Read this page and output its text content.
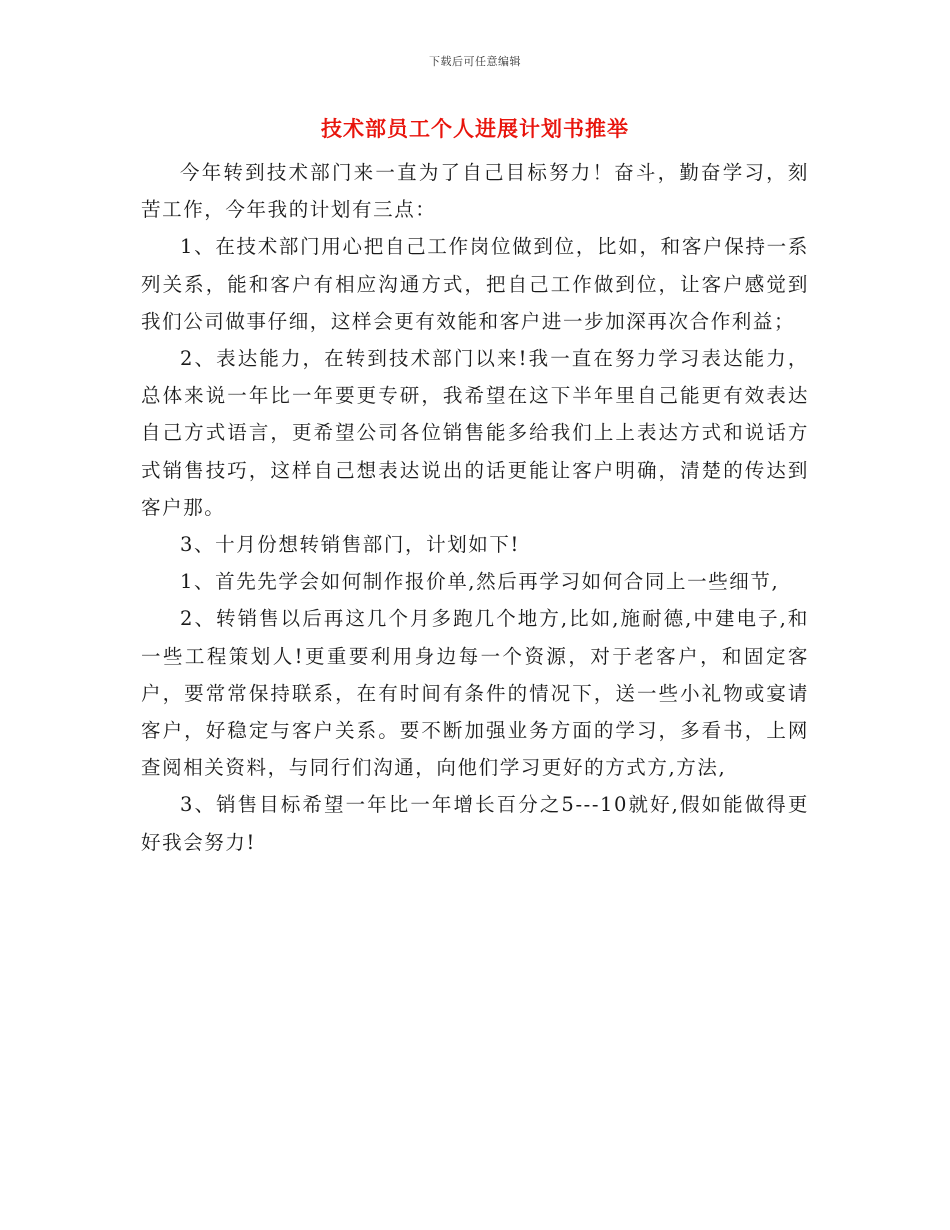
下载后可任意编辑
技术部员工个人进展计划书推举

今年转到技术部门来一直为了自己目标努力！奋斗，勤奋学习，刻苦工作，今年我的计划有三点：

1、在技术部门用心把自己工作岗位做到位，比如，和客户保持一系列关系，能和客户有相应沟通方式，把自己工作做到位，让客户感觉到我们公司做事仔细，这样会更有效能和客户进一步加深再次合作利益；

2、表达能力，在转到技术部门以来!我一直在努力学习表达能力，总体来说一年比一年要更专研，我希望在这下半年里自己能更有效表达自己方式语言，更希望公司各位销售能多给我们上上表达方式和说话方式销售技巧，这样自己想表达说出的话更能让客户明确，清楚的传达到客户那。

3、十月份想转销售部门，计划如下!

1、首先先学会如何制作报价单,然后再学习如何合同上一些细节,

2、转销售以后再这几个月多跑几个地方,比如,施耐德,中建电子,和一些工程策划人!更重要利用身边每一个资源，对于老客户，和固定客户，要常常保持联系，在有时间有条件的情况下，送一些小礼物或宴请客户，好稳定与客户关系。要不断加强业务方面的学习，多看书，上网查阅相关资料，与同行们沟通，向他们学习更好的方式方,方法,

3、销售目标希望一年比一年增长百分之5---10就好,假如能做得更好我会努力!
